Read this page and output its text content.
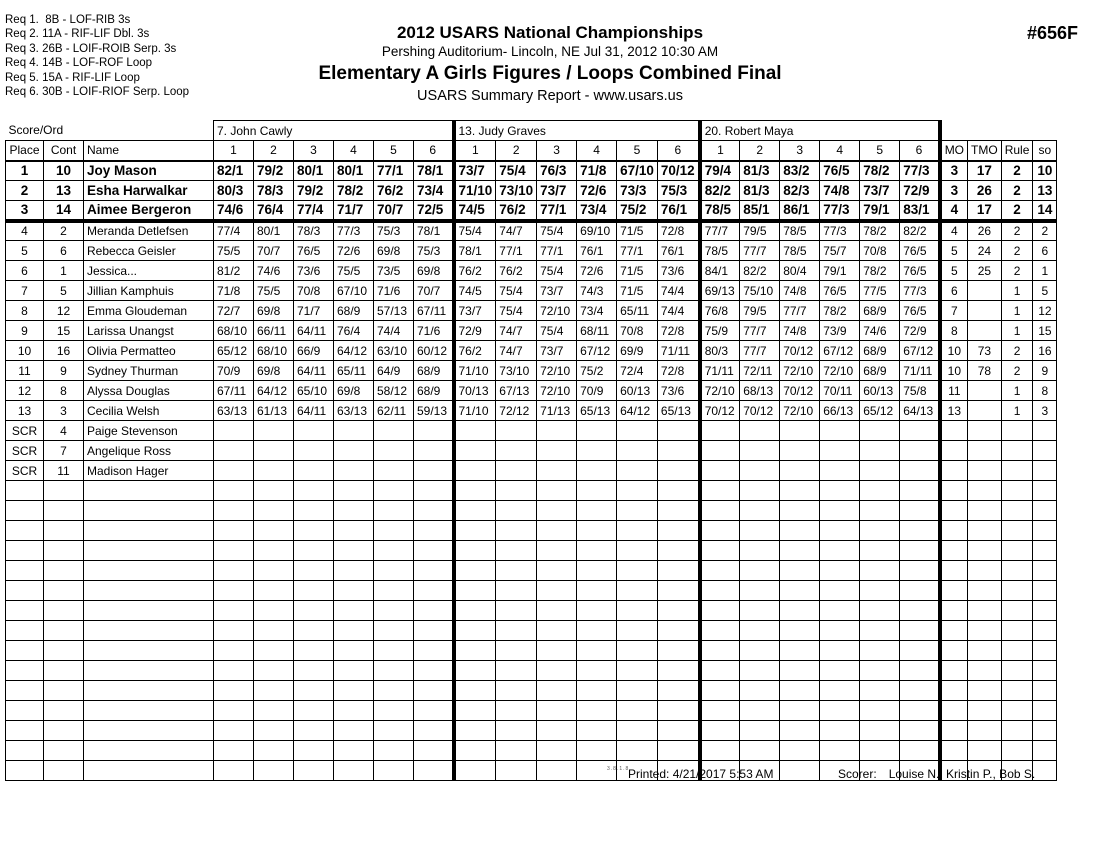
Req 1.  8B - LOF-RIB 3s
Req 2. 11A - RIF-LIF Dbl. 3s
Req 3. 26B - LOIF-ROIB Serp. 3s
Req 4. 14B - LOF-ROF Loop
Req 5. 15A - RIF-LIF Loop
Req 6. 30B - LOIF-RIOF Serp. Loop
2012 USARS National Championships
Pershing Auditorium- Lincoln, NE Jul 31, 2012 10:30 AM
Elementary A Girls Figures / Loops Combined Final
USARS Summary Report - www.usars.us
#656F
Score/Ord			7. John Cawly						13. Judy Graves						20. Robert Maya									
Place	Cont	Name	1	2	3	4	5	6	1	2	3	4	5	6	1	2	3	4	5	6	MO	TMO	Rule	so
1	10	Joy Mason	82/1	79/2	80/1	80/1	77/1	78/1	73/7	75/4	76/3	71/8	67/10	70/12	79/4	81/3	83/2	76/5	78/2	77/3	3	17	2	10
2	13	Esha Harwalkar	80/3	78/3	79/2	78/2	76/2	73/4	71/10	73/10	73/7	72/6	73/3	75/3	82/2	81/3	82/3	74/8	73/7	72/9	3	26	2	13
3	14	Aimee Bergeron	74/6	76/4	77/4	71/7	70/7	72/5	74/5	76/2	77/1	73/4	75/2	76/1	78/5	85/1	86/1	77/3	79/1	83/1	4	17	2	14
4	2	Meranda Detlefsen	77/4	80/1	78/3	77/3	75/3	78/1	75/4	74/7	75/4	69/10	71/5	72/8	77/7	79/5	78/5	77/3	78/2	82/2	4	26	2	2
5	6	Rebecca Geisler	75/5	70/7	76/5	72/6	69/8	75/3	78/1	77/1	77/1	76/1	77/1	76/1	78/5	77/7	78/5	75/7	70/8	76/5	5	24	2	6
6	1	Jessica...	81/2	74/6	73/6	75/5	73/5	69/8	76/2	76/2	75/4	72/6	71/5	73/6	84/1	82/2	80/4	79/1	78/2	76/5	5	25	2	1
7	5	Jillian Kamphuis	71/8	75/5	70/8	67/10	71/6	70/7	74/5	75/4	73/7	74/3	71/5	74/4	69/13	75/10	74/8	76/5	77/5	77/3	6		1	5
8	12	Emma Gloudeman	72/7	69/8	71/7	68/9	57/13	67/11	73/7	75/4	72/10	73/4	65/11	74/4	76/8	79/5	77/7	78/2	68/9	76/5	7		1	12
9	15	Larissa Unangst	68/10	66/11	64/11	76/4	74/4	71/6	72/9	74/7	75/4	68/11	70/8	72/8	75/9	77/7	74/8	73/9	74/6	72/9	8		1	15
10	16	Olivia Permatteo	65/12	68/10	66/9	64/12	63/10	60/12	76/2	74/7	73/7	67/12	69/9	71/11	80/3	77/7	70/12	67/12	68/9	67/12	10	73	2	16
11	9	Sydney Thurman	70/9	69/8	64/11	65/11	64/9	68/9	71/10	73/10	72/10	75/2	72/4	72/8	71/11	72/11	72/10	72/10	68/9	71/11	10	78	2	9
12	8	Alyssa Douglas	67/11	64/12	65/10	69/8	58/12	68/9	70/13	67/13	72/10	70/9	60/13	73/6	72/10	68/13	70/12	70/11	60/13	75/8	11		1	8
13	3	Cecilia Welsh	63/13	61/13	64/11	63/13	62/11	59/13	71/10	72/12	71/13	65/13	64/12	65/13	70/12	70/12	72/10	66/13	65/12	64/13	13		1	3
SCR	4	Paige Stevenson																						
SCR	7	Angelique Ross																						
SCR	11	Madison Hager																						

3.8.1.8
Printed: 4/21/2017 5:53 AM	Scorer: Louise N., Kristin P., Bob S.
